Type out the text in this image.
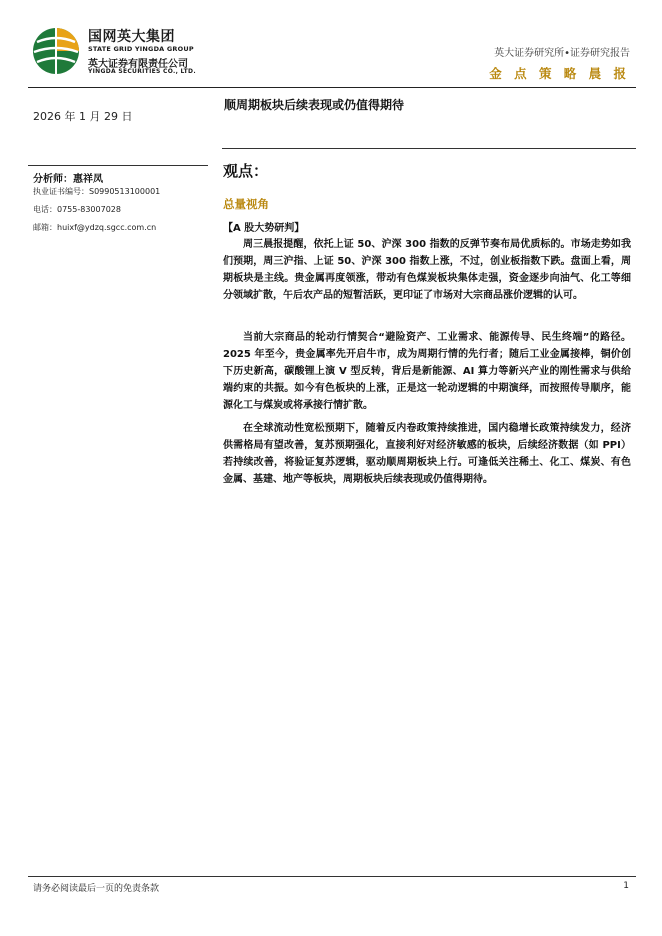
国网英大集团
STATE GRID YINGDA GROUP
英大证券有限责任公司
YINGDA SECURITIES CO., LTD.
英大证券研究所•证券研究报告
金 点 策 略 晨 报
2026 年 1 月 29 日
顺周期板块后续表现或仍值得期待
分析师：惠祥凤
执业证书编号：S0990513100001
电话：0755-83007028
邮箱：huixf@ydzq.sgcc.com.cn
观点：
总量视角
【A 股大势研判】

周三晨报提醒，依托上证 50、沪深 300 指数的反弹节奏布局优质标的。市场走势如我们预期，周三沪指、上证 50、沪深 300 指数上涨，不过，创业板指数下跌。盘面上看，周期板块是主线。贵金属再度领涨，带动有色煤炭板块集体走强，资金逐步向油气、化工等细分领域扩散，午后农产品的短暂活跃，更印证了市场对大宗商品涨价逻辑的认可。

当前大宗商品的轮动行情契合“避险资产、工业需求、能源传导、民生终端”的路径。2025 年至今，贵金属率先开启牛市，成为周期行情的先行者；随后工业金属接棒，铜价创下历史新高，碳酸锂上演 V 型反转，背后是新能源、AI 算力等新兴产业的刚性需求与供给端约束的共振。如今有色板块的上涨，正是这一轮动逻辑的中期演绎，而按照传导顺序，能源化工与煤炭或将承接行情扩散。

在全球流动性宽松预期下，随着反内卷政策持续推进，国内稳增长政策持续发力，经济供需格局有望改善，复苏预期强化，直接利好对经济敏感的板块，后续经济数据（如 PPI）若持续改善，将验证复苏逻辑，驱动顺周期板块上行。可逢低关注稀土、化工、煤炭、有色金属、基建、地产等板块，周期板块后续表现或仍值得期待。

请务必阅读最后一页的免责条款	1
